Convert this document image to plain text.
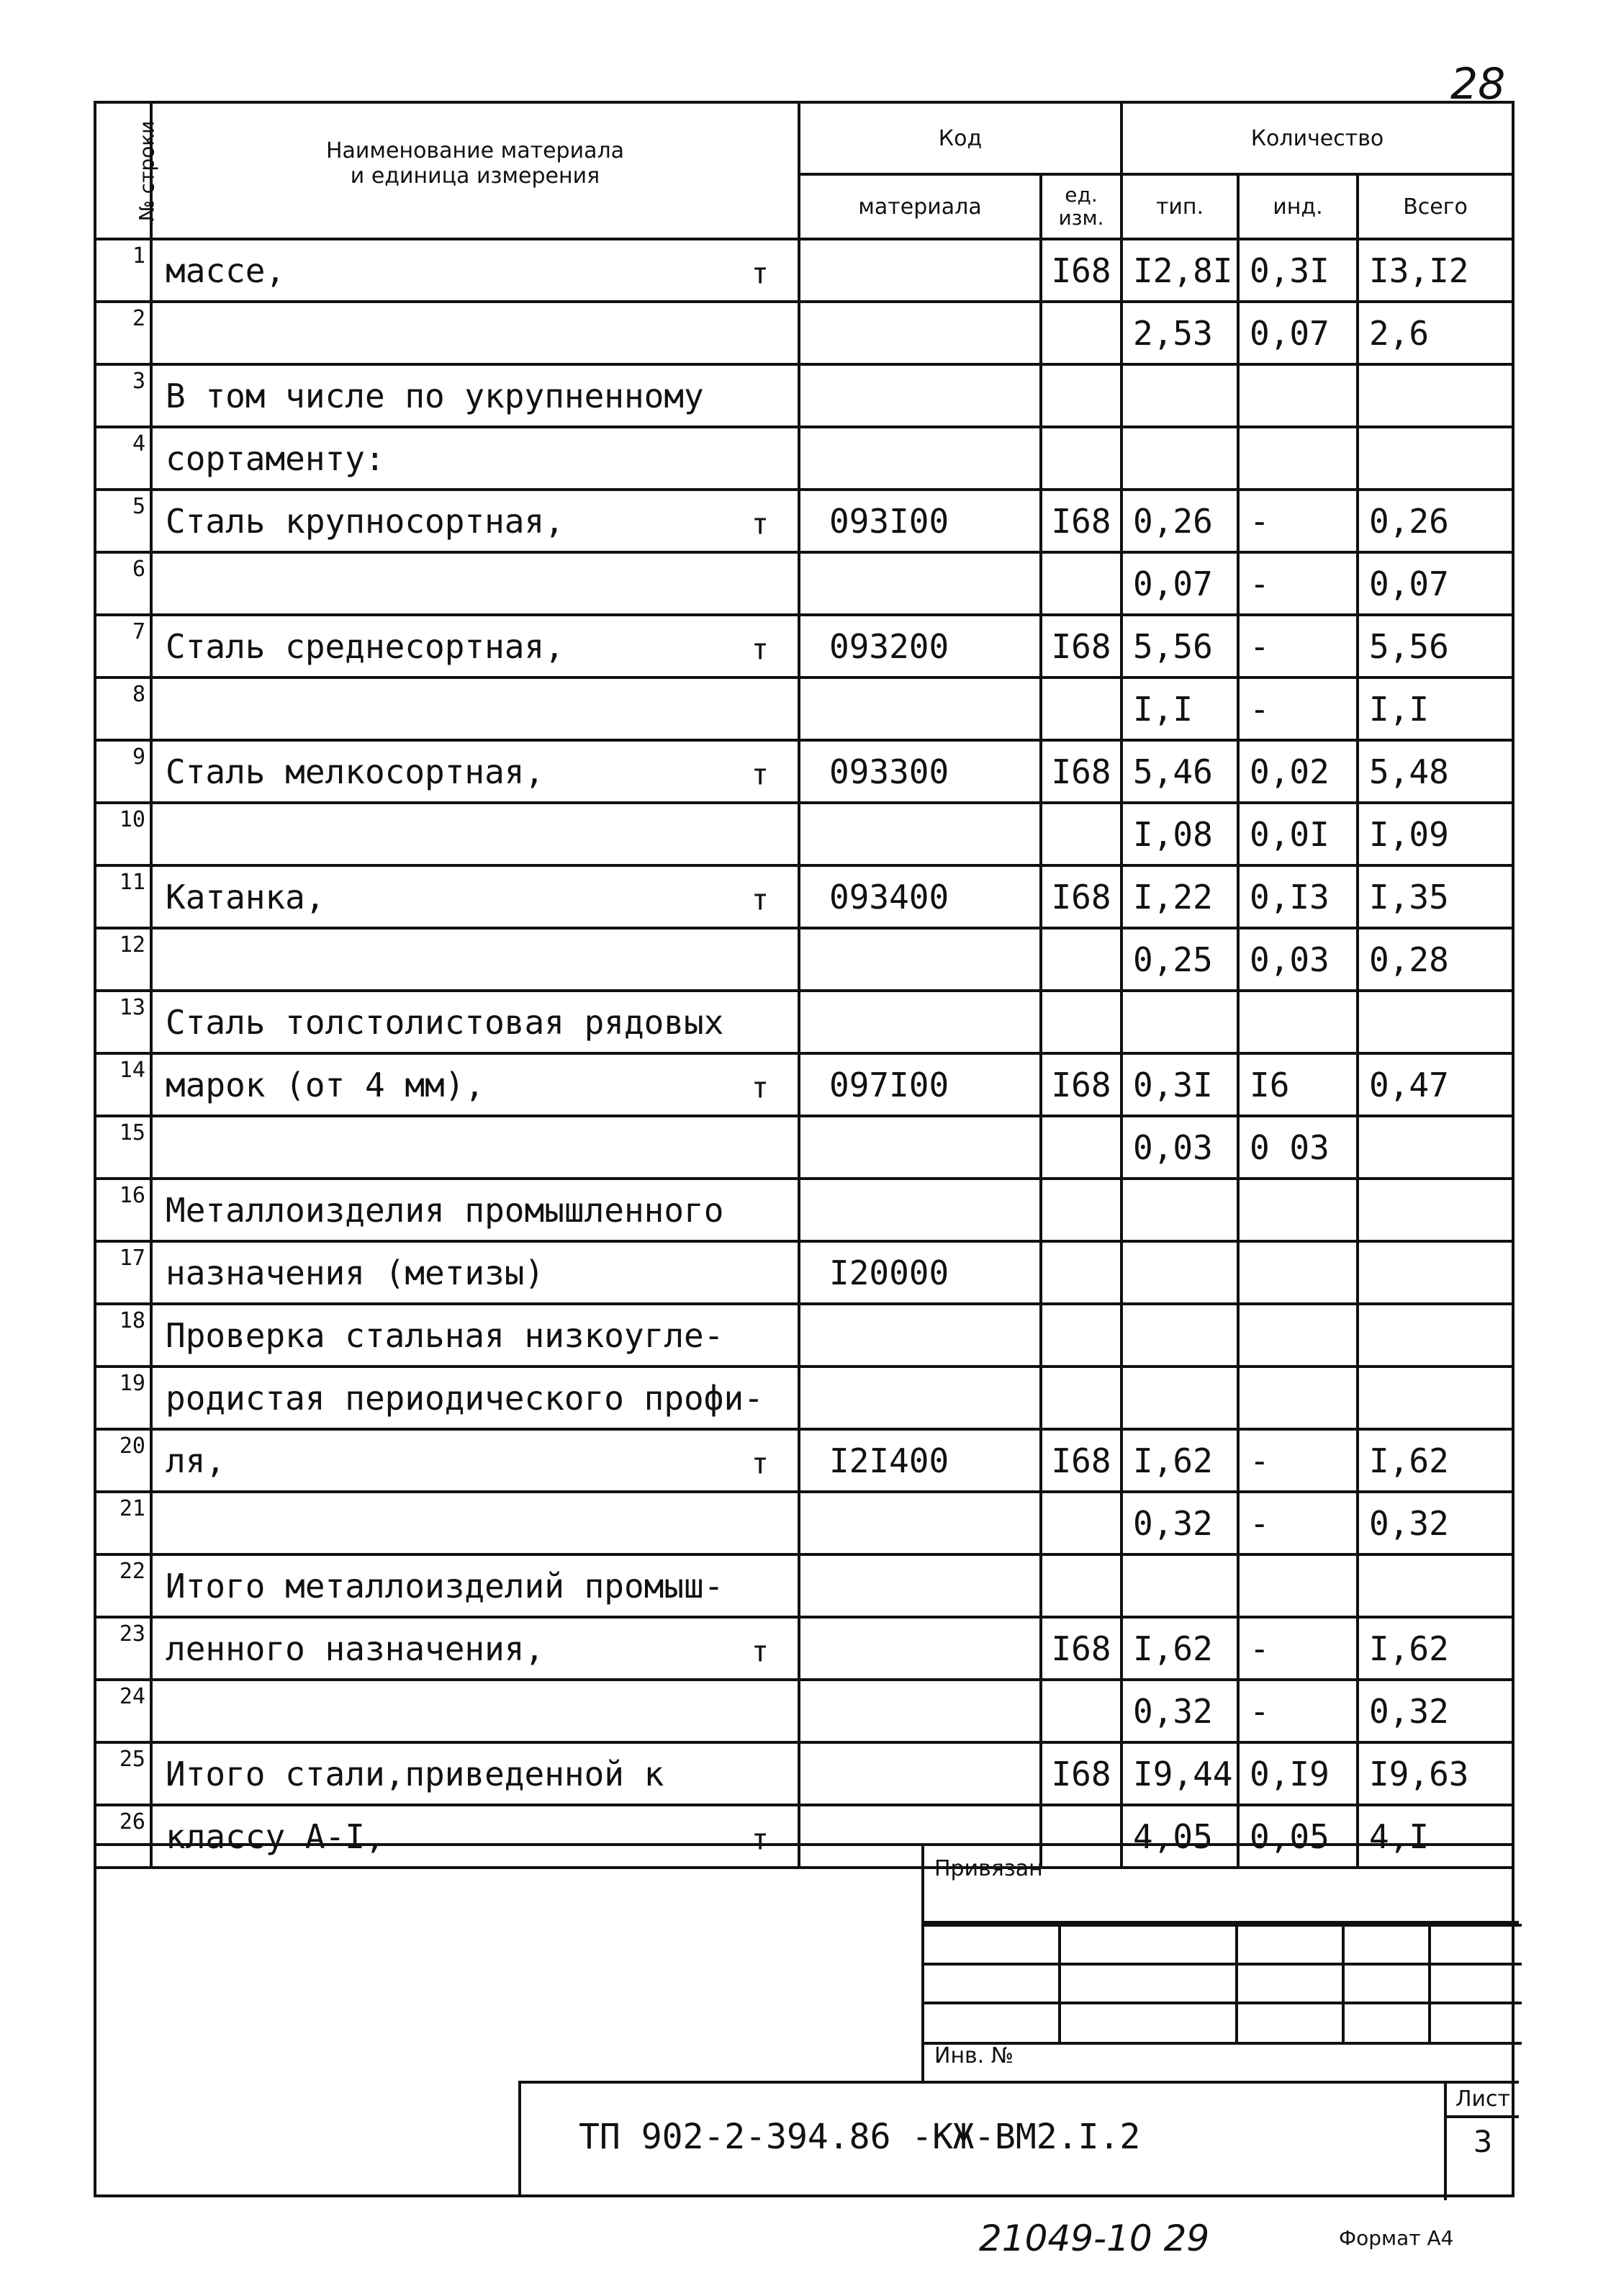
28
№ строки	Наименование материала
и единица измерения	Код		Количество		
		материала	ед.
изм.	тип.	инд.	Всего
1	массе, т		I68	I2,8I	0,3I	I3,I2
2				2,53	0,07	2,6
3	В том числе по укрупненному

4	сортаменту:

5	Сталь крупносортная, т	093I00	I68	0,26	-	0,26
6				0,07	-	0,07
7	Сталь среднесортная, т	093200	I68	5,56	-	5,56
8				I,I	-	I,I
9	Сталь мелкосортная, т	093300	I68	5,46	0,02	5,48
10				I,08	0,0I	I,09
11	Катанка, т	093400	I68	I,22	0,I3	I,35
12				0,25	0,03	0,28
13	Сталь толстолистовая рядовых

14	марок (от 4 мм), т	097I00	I68	0,3I	I6	0,47
15				0,03	0 03	
16	Металлоизделия промышленного

17	назначения (метизы)	I20000				
18	Проверка стальная низкоугле-

19	родистая периодического профи-

20	ля, т	I2I400	I68	I,62	-	I,62
21				0,32	-	0,32
22	Итого металлоизделий промыш-

23	ленного назначения, т		I68	I,62	-	I,62
24				0,32	-	0,32
25	Итого стали,приведенной к		I68	I9,44	0,I9	I9,63
26	классу А-I, т			4,05	0,05	4,I
Привязан
Инв. №
ТП 902-2-394.86 -КЖ-ВМ2.I.2
Лист
3
21049-10 29	Формат А4
